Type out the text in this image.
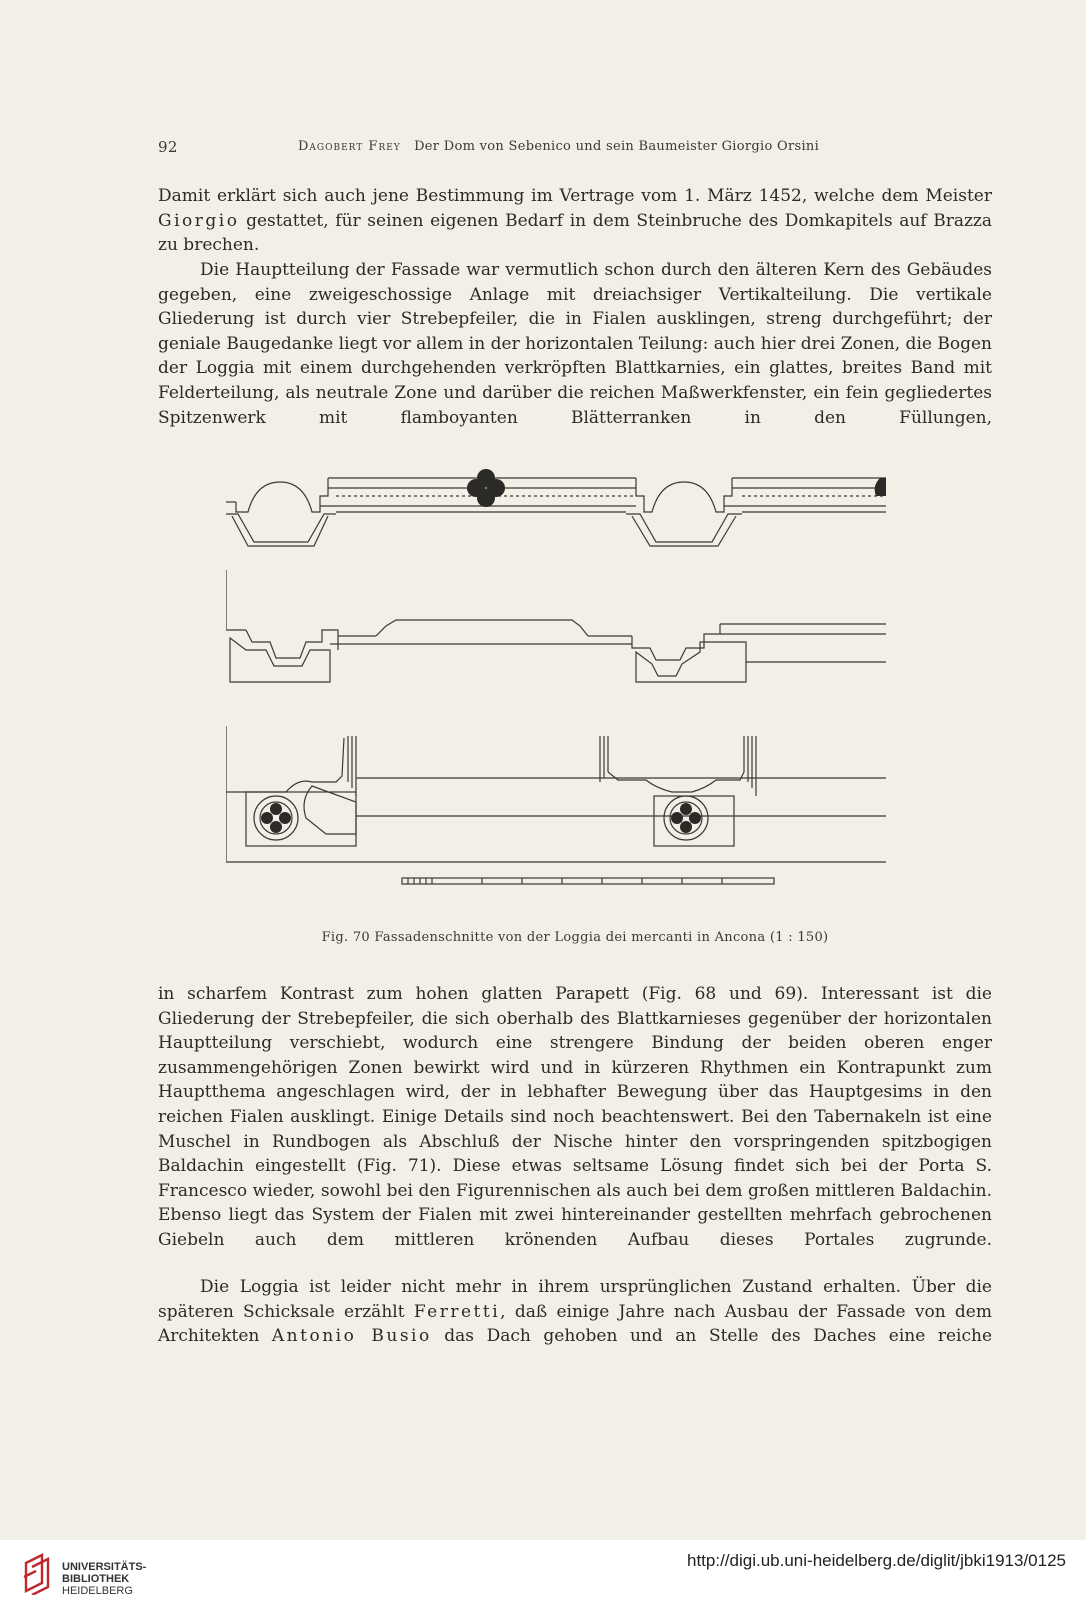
92	Dagobert Frey Der Dom von Sebenico und sein Baumeister Giorgio Orsini
Damit erklärt sich auch jene Bestimmung im Vertrage vom 1. März 1452, welche dem Meister Giorgio gestattet, für seinen eigenen Bedarf in dem Steinbruche des Domkapitels auf Brazza zu brechen.
Die Hauptteilung der Fassade war vermutlich schon durch den älteren Kern des Gebäudes gegeben, eine zweigeschossige Anlage mit dreiachsiger Vertikalteilung. Die vertikale Gliederung ist durch vier Strebepfeiler, die in Fialen ausklingen, streng durchgeführt; der geniale Baugedanke liegt vor allem in der horizontalen Teilung: auch hier drei Zonen, die Bogen der Loggia mit einem durchgehenden verkröpften Blattkarnies, ein glattes, breites Band mit Felderteilung, als neutrale Zone und darüber die reichen Maßwerkfenster, ein fein gegliedertes Spitzenwerk mit flamboyanten Blätterranken in den Füllungen,
Fig. 70 Fassadenschnitte von der Loggia dei mercanti in Ancona (1 : 150)
in scharfem Kontrast zum hohen glatten Parapett (Fig. 68 und 69). Interessant ist die Gliederung der Strebepfeiler, die sich oberhalb des Blattkarnieses gegenüber der horizontalen Hauptteilung verschiebt, wodurch eine strengere Bindung der beiden oberen enger zusammengehörigen Zonen bewirkt wird und in kürzeren Rhythmen ein Kontrapunkt zum Hauptthema angeschlagen wird, der in lebhafter Bewegung über das Hauptgesims in den reichen Fialen ausklingt. Einige Details sind noch beachtenswert. Bei den Tabernakeln ist eine Muschel in Rundbogen als Abschluß der Nische hinter den vorspringenden spitzbogigen Baldachin eingestellt (Fig. 71). Diese etwas seltsame Lösung findet sich bei der Porta S. Francesco wieder, sowohl bei den Figurennischen als auch bei dem großen mittleren Baldachin. Ebenso liegt das System der Fialen mit zwei hintereinander gestellten mehrfach gebrochenen Giebeln auch dem mittleren krönenden Aufbau dieses Portales zugrunde.
Die Loggia ist leider nicht mehr in ihrem ursprünglichen Zustand erhalten. Über die späteren Schicksale erzählt Ferretti, daß einige Jahre nach Ausbau der Fassade von dem Architekten Antonio Busio das Dach gehoben und an Stelle des Daches eine reiche
UNIVERSITÄTS-
BIBLIOTHEK
HEIDELBERG
http://digi.ub.uni-heidelberg.de/diglit/jbki1913/0125
